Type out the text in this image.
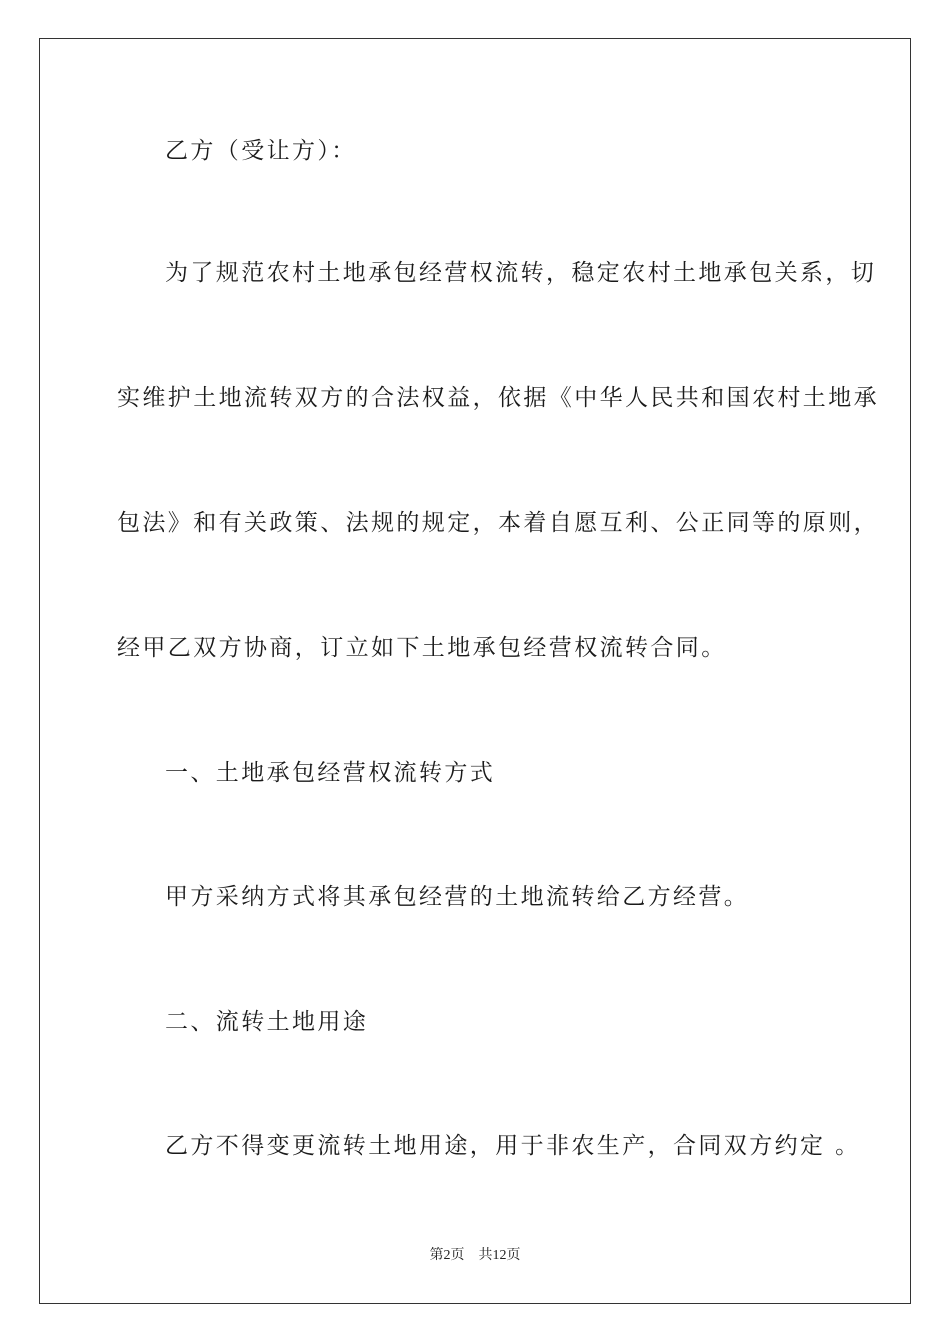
乙方（受让方）：
为了规范农村土地承包经营权流转，稳定农村土地承包关系，切
实维护土地流转双方的合法权益，依据《中华人民共和国农村土地承
包法》和有关政策、法规的规定，本着自愿互利、公正同等的原则，
经甲乙双方协商，订立如下土地承包经营权流转合同。
一、土地承包经营权流转方式
甲方采纳方式将其承包经营的土地流转给乙方经营。
二、流转土地用途
乙方不得变更流转土地用途，用于非农生产，合同双方约定 。
第2页 共12页
